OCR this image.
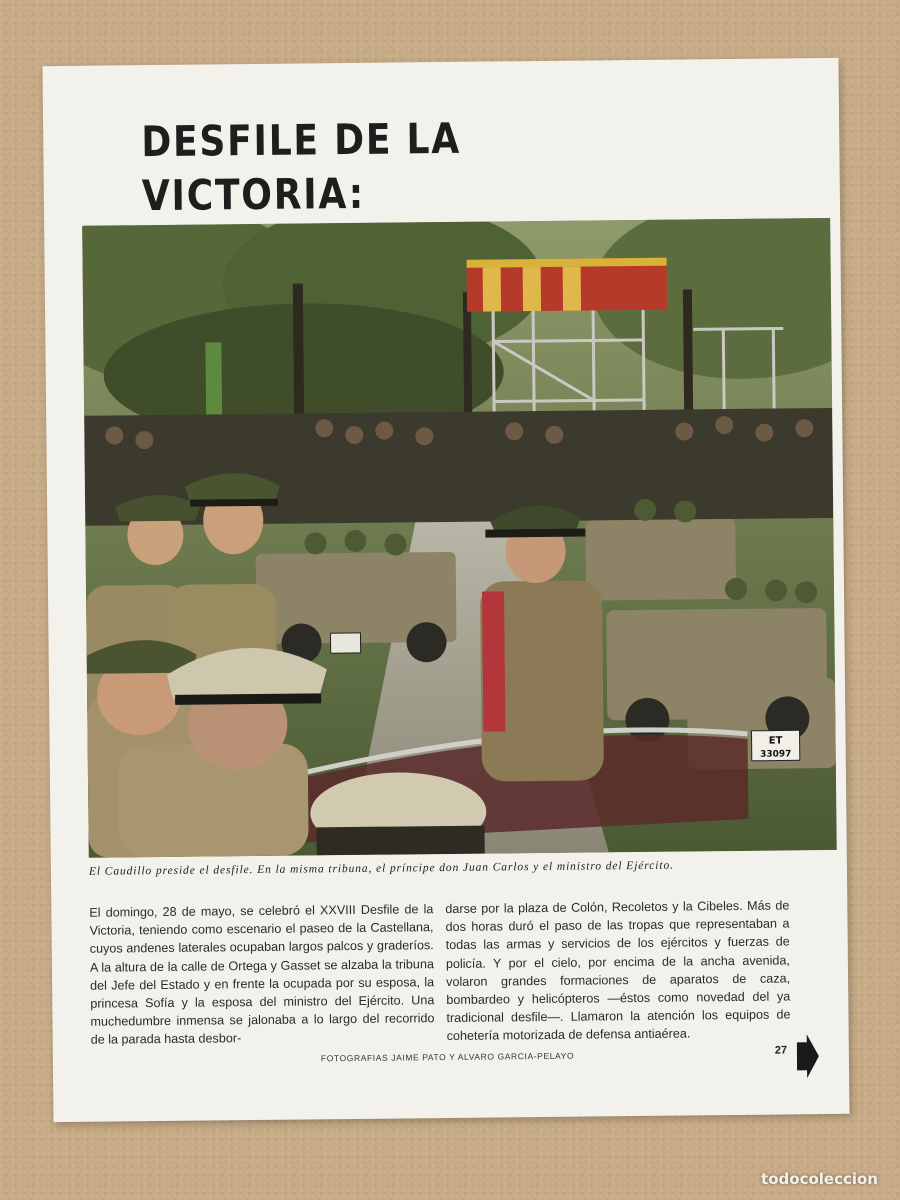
DESFILE DE LA VICTORIA:
ET
33097
El Caudillo preside el desfile. En la misma tribuna, el príncipe don Juan Carlos y el ministro del Ejército.

El domingo, 28 de mayo, se celebró el XXVIII Desfile de la Victoria, teniendo como escenario el paseo de la Castellana, cuyos andenes laterales ocupaban largos palcos y graderíos. A la altura de la calle de Ortega y Gasset se alzaba la tribuna del Jefe del Estado y en frente la ocupada por su esposa, la princesa Sofía y la esposa del ministro del Ejército. Una muchedumbre inmensa se jalonaba a lo largo del recorrido de la parada hasta desbor-

darse por la plaza de Colón, Recoletos y la Cibeles. Más de dos horas duró el paso de las tropas que representaban a todas las armas y servicios de los ejércitos y fuerzas de policía. Y por el cielo, por encima de la ancha avenida, volaron grandes formaciones de aparatos de caza, bombardeo y helicópteros —éstos como novedad del ya tradicional desfile—. Llamaron la atención los equipos de cohetería motorizada de defensa antiaérea.

FOTOGRAFIAS JAIME PATO Y ALVARO GARCIA-PELAYO
27
todocoleccion
